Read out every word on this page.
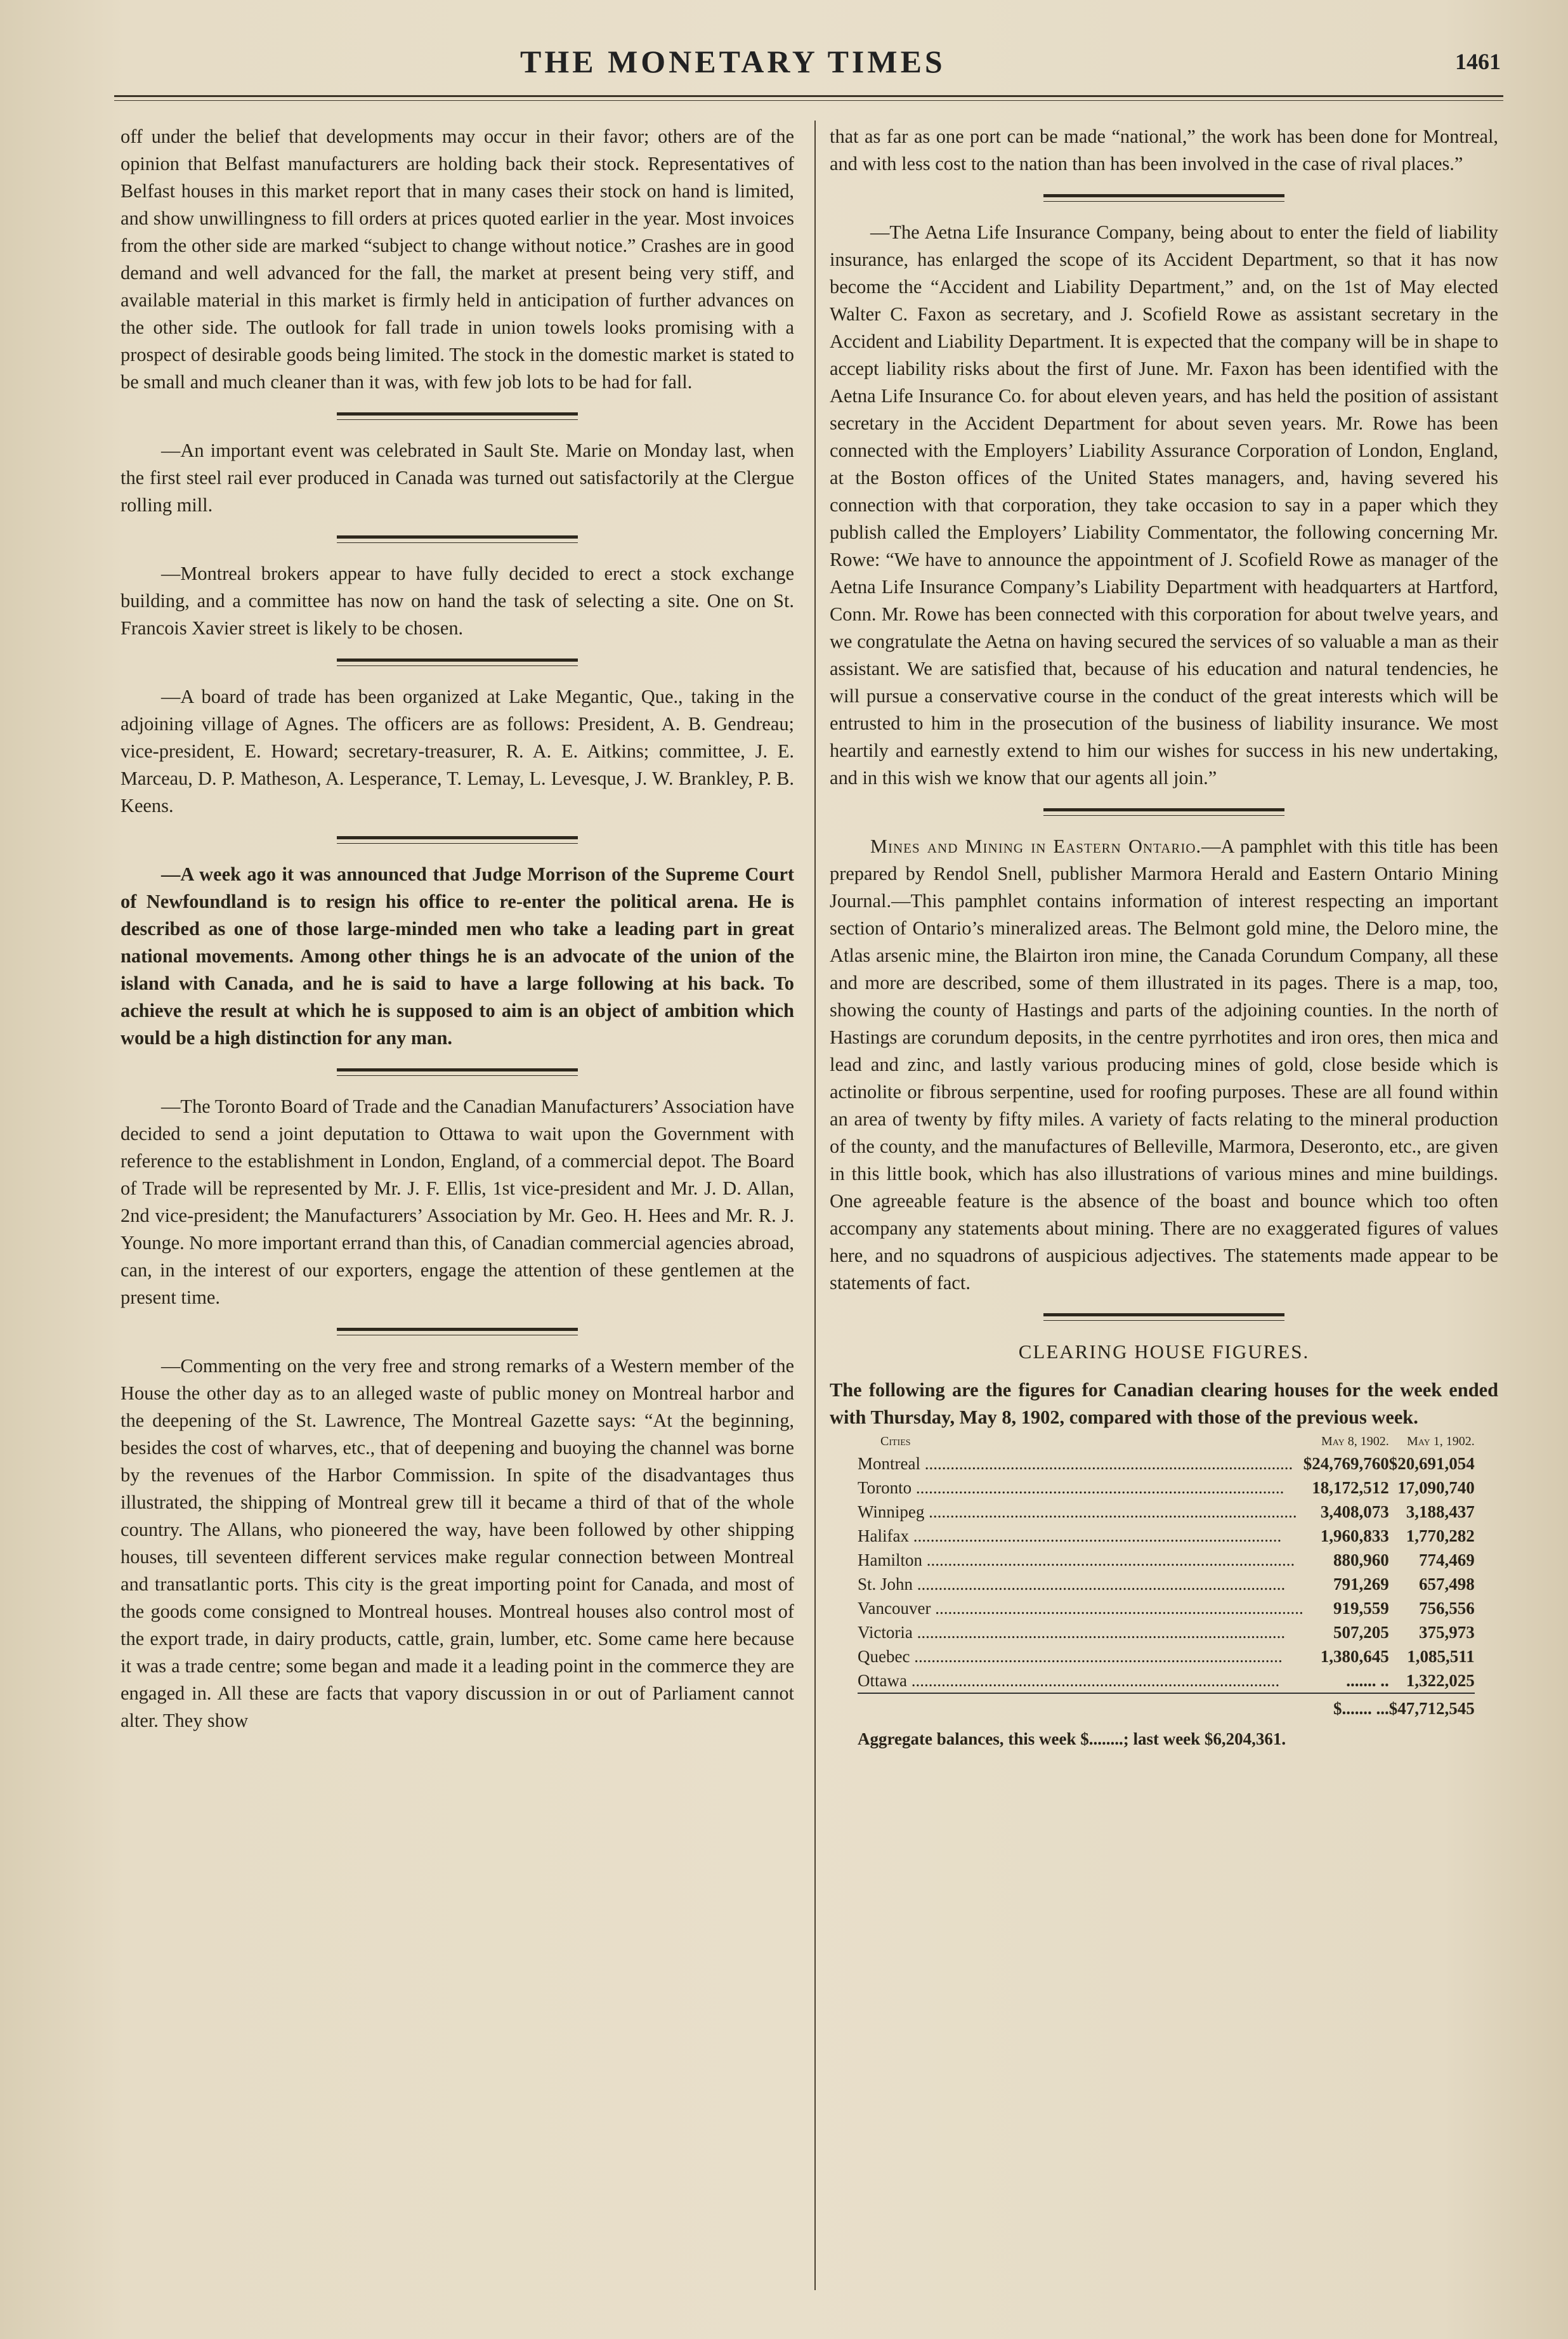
THE MONETARY TIMES	1461

off under the belief that developments may occur in their favor; others are of the opinion that Belfast manufacturers are holding back their stock. Representatives of Belfast houses in this market report that in many cases their stock on hand is limited, and show unwillingness to fill orders at prices quoted earlier in the year. Most invoices from the other side are marked “subject to change without notice.” Crashes are in good demand and well advanced for the fall, the market at present being very stiff, and available material in this market is firmly held in anticipation of further advances on the other side. The outlook for fall trade in union towels looks promising with a prospect of desirable goods being limited. The stock in the domestic market is stated to be small and much cleaner than it was, with few job lots to be had for fall.

—An important event was celebrated in Sault Ste. Marie on Monday last, when the first steel rail ever produced in Canada was turned out satisfactorily at the Clergue rolling mill.

—Montreal brokers appear to have fully decided to erect a stock exchange building, and a committee has now on hand the task of selecting a site. One on St. Francois Xavier street is likely to be chosen.

—A board of trade has been organized at Lake Megantic, Que., taking in the adjoining village of Agnes. The officers are as follows: President, A. B. Gendreau; vice-president, E. Howard; secretary-treasurer, R. A. E. Aitkins; committee, J. E. Marceau, D. P. Matheson, A. Lesperance, T. Lemay, L. Levesque, J. W. Brankley, P. B. Keens.

—A week ago it was announced that Judge Morrison of the Supreme Court of Newfoundland is to resign his office to re-enter the political arena. He is described as one of those large-minded men who take a leading part in great national movements. Among other things he is an advocate of the union of the island with Canada, and he is said to have a large following at his back. To achieve the result at which he is supposed to aim is an object of ambition which would be a high distinction for any man.

—The Toronto Board of Trade and the Canadian Manufacturers’ Association have decided to send a joint deputation to Ottawa to wait upon the Government with reference to the establishment in London, England, of a commercial depot. The Board of Trade will be represented by Mr. J. F. Ellis, 1st vice-president and Mr. J. D. Allan, 2nd vice-president; the Manufacturers’ Association by Mr. Geo. H. Hees and Mr. R. J. Younge. No more important errand than this, of Canadian commercial agencies abroad, can, in the interest of our exporters, engage the attention of these gentlemen at the present time.

—Commenting on the very free and strong remarks of a Western member of the House the other day as to an alleged waste of public money on Montreal harbor and the deepening of the St. Lawrence, The Montreal Gazette says: “At the beginning, besides the cost of wharves, etc., that of deepening and buoying the channel was borne by the revenues of the Harbor Commission. In spite of the disadvantages thus illustrated, the shipping of Montreal grew till it became a third of that of the whole country. The Allans, who pioneered the way, have been followed by other shipping houses, till seventeen different services make regular connection between Montreal and transatlantic ports. This city is the great importing point for Canada, and most of the goods come consigned to Montreal houses. Montreal houses also control most of the export trade, in dairy products, cattle, grain, lumber, etc. Some came here because it was a trade centre; some began and made it a leading point in the commerce they are engaged in. All these are facts that vapory discussion in or out of Parliament cannot alter. They show

that as far as one port can be made “national,” the work has been done for Montreal, and with less cost to the nation than has been involved in the case of rival places.”

—The Aetna Life Insurance Company, being about to enter the field of liability insurance, has enlarged the scope of its Accident Department, so that it has now become the “Accident and Liability Department,” and, on the 1st of May elected Walter C. Faxon as secretary, and J. Scofield Rowe as assistant secretary in the Accident and Liability Department. It is expected that the company will be in shape to accept liability risks about the first of June. Mr. Faxon has been identified with the Aetna Life Insurance Co. for about eleven years, and has held the position of assistant secretary in the Accident Department for about seven years. Mr. Rowe has been connected with the Employers’ Liability Assurance Corporation of London, England, at the Boston offices of the United States managers, and, having severed his connection with that corporation, they take occasion to say in a paper which they publish called the Employers’ Liability Commentator, the following concerning Mr. Rowe: “We have to announce the appointment of J. Scofield Rowe as manager of the Aetna Life Insurance Company’s Liability Department with headquarters at Hartford, Conn. Mr. Rowe has been connected with this corporation for about twelve years, and we congratulate the Aetna on having secured the services of so valuable a man as their assistant. We are satisfied that, because of his education and natural tendencies, he will pursue a conservative course in the conduct of the great interests which will be entrusted to him in the prosecution of the business of liability insurance. We most heartily and earnestly extend to him our wishes for success in his new undertaking, and in this wish we know that our agents all join.”

Mines and Mining in Eastern Ontario.—A pamphlet with this title has been prepared by Rendol Snell, publisher Marmora Herald and Eastern Ontario Mining Journal.—This pamphlet contains information of interest respecting an important section of Ontario’s mineralized areas. The Belmont gold mine, the Deloro mine, the Atlas arsenic mine, the Blairton iron mine, the Canada Corundum Company, all these and more are described, some of them illustrated in its pages. There is a map, too, showing the county of Hastings and parts of the adjoining counties. In the north of Hastings are corundum deposits, in the centre pyrrhotites and iron ores, then mica and lead and zinc, and lastly various producing mines of gold, close beside which is actinolite or fibrous serpentine, used for roofing purposes. These are all found within an area of twenty by fifty miles. A variety of facts relating to the mineral production of the county, and the manufactures of Belleville, Marmora, Deseronto, etc., are given in this little book, which has also illustrations of various mines and mine buildings. One agreeable feature is the absence of the boast and bounce which too often accompany any statements about mining. There are no exaggerated figures of values here, and no squadrons of auspicious adjectives. The statements made appear to be statements of fact.

CLEARING HOUSE FIGURES.

The following are the figures for Canadian clearing houses for the week ended with Thursday, May 8, 1902, compared with those of the previous week.

Cities	May 8, 1902.	May 1, 1902.
Montreal .....	$24,769,760	$20,691,054
Toronto .....	18,172,512	17,090,740
Winnipeg .....	3,408,073	3,188,437
Halifax .....	1,960,833	1,770,282
Hamilton .....	880,960	774,469
St. John .....	791,269	657,498
Vancouver .....	919,559	756,556
Victoria .....	507,205	375,973
Quebec .....	1,380,645	1,085,511
Ottawa .....	....... ..	1,322,025
	$....... ...	$47,712,545
Aggregate balances, this week $........; last week $6,204,361.
